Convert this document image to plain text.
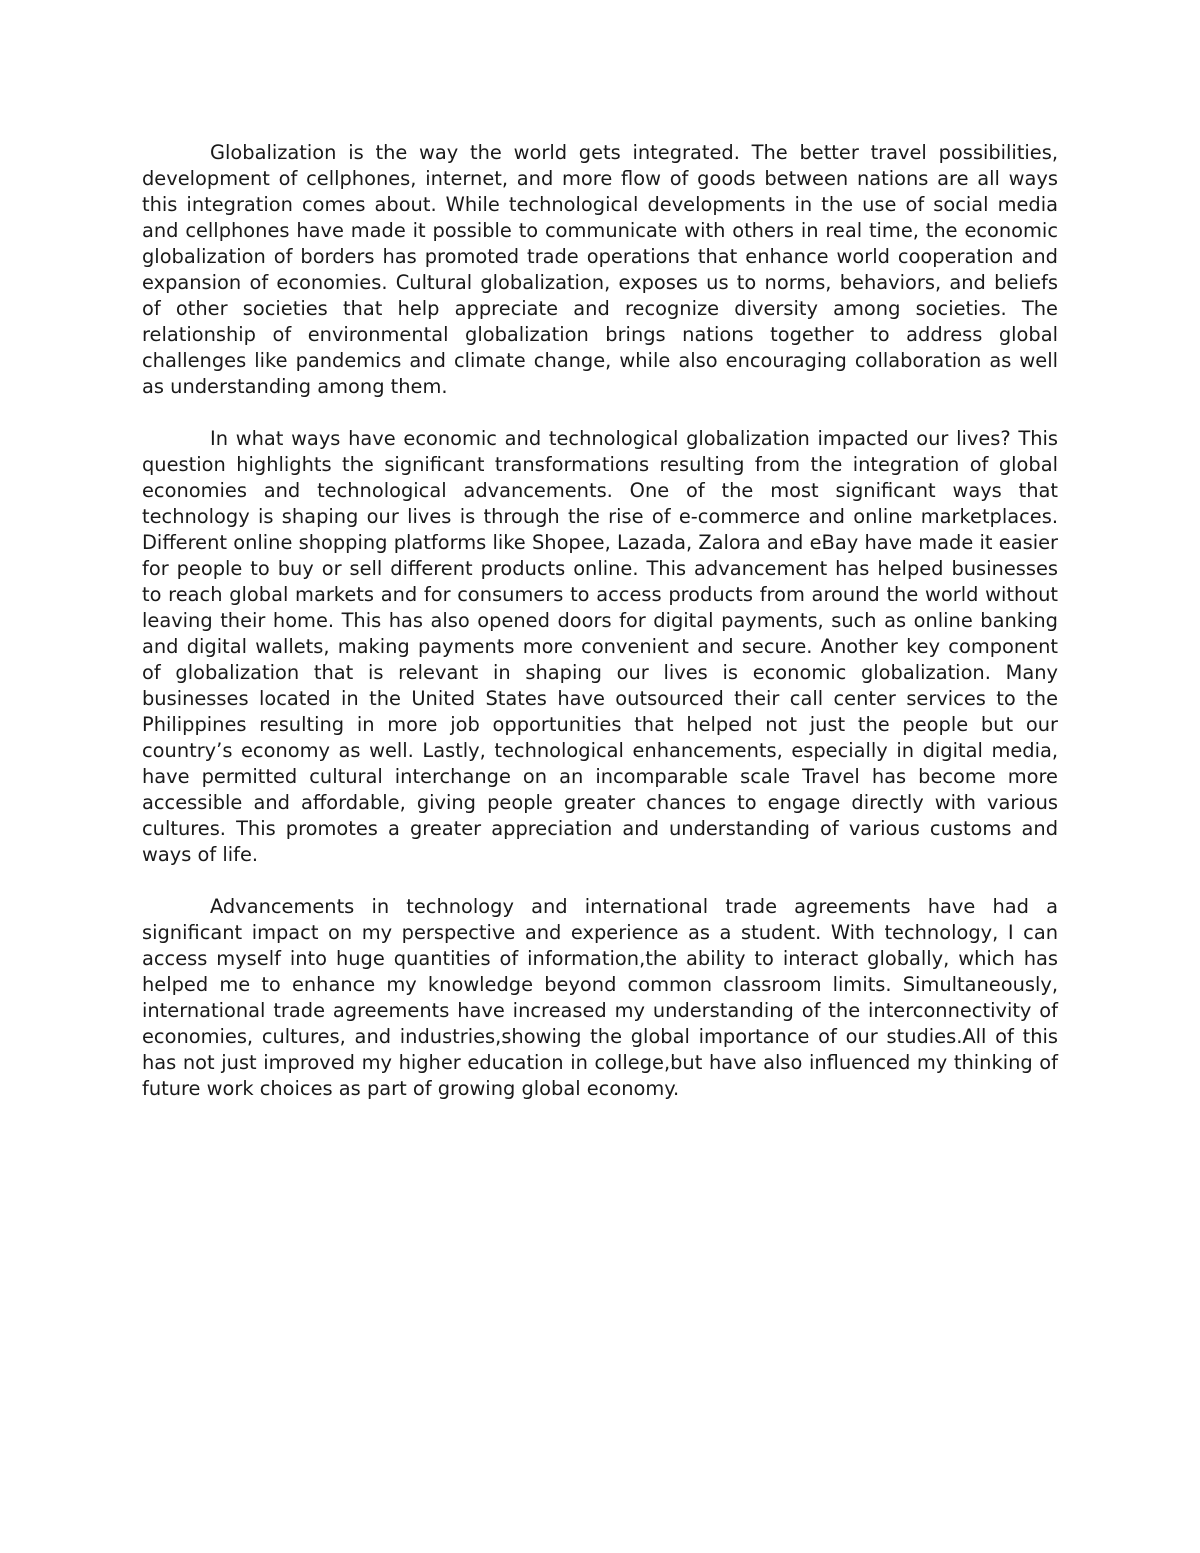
Globalization is the way the world gets integrated. The better travel possibilities, development of cellphones, internet, and more flow of goods between nations are all ways this integration comes about. While technological developments in the use of social media and cellphones have made it possible to communicate with others in real time, the economic globalization of borders has promoted trade operations that enhance world cooperation and expansion of economies. Cultural globalization, exposes us to norms, behaviors, and beliefs of other societies that help appreciate and recognize diversity among societies. The relationship of environmental globalization brings nations together to address global challenges like pandemics and climate change, while also encouraging collaboration as well as understanding among them.

In what ways have economic and technological globalization impacted our lives? This question highlights the significant transformations resulting from the integration of global economies and technological advancements. One of the most significant ways that technology is shaping our lives is through the rise of e-commerce and online marketplaces. Different online shopping platforms like Shopee, Lazada, Zalora and eBay have made it easier for people to buy or sell different products online. This advancement has helped businesses to reach global markets and for consumers to access products from around the world without leaving their home. This has also opened doors for digital payments, such as online banking and digital wallets, making payments more convenient and secure. Another key component of globalization that is relevant in shaping our lives is economic globalization. Many businesses located in the United States have outsourced their call center services to the Philippines resulting in more job opportunities that helped not just the people but our country’s economy as well. Lastly, technological enhancements, especially in digital media, have permitted cultural interchange on an incomparable scale Travel has become more accessible and affordable, giving people greater chances to engage directly with various cultures. This promotes a greater appreciation and understanding of various customs and ways of life.

Advancements in technology and international trade agreements have had a significant impact on my perspective and experience as a student. With technology, I can access myself into huge quantities of information,the ability to interact globally, which has helped me to enhance my knowledge beyond common classroom limits. Simultaneously, international trade agreements have increased my understanding of the interconnectivity of economies, cultures, and industries,showing the global importance of our studies.All of this has not just improved my higher education in college,but have also influenced my thinking of future work choices as part of growing global economy.
